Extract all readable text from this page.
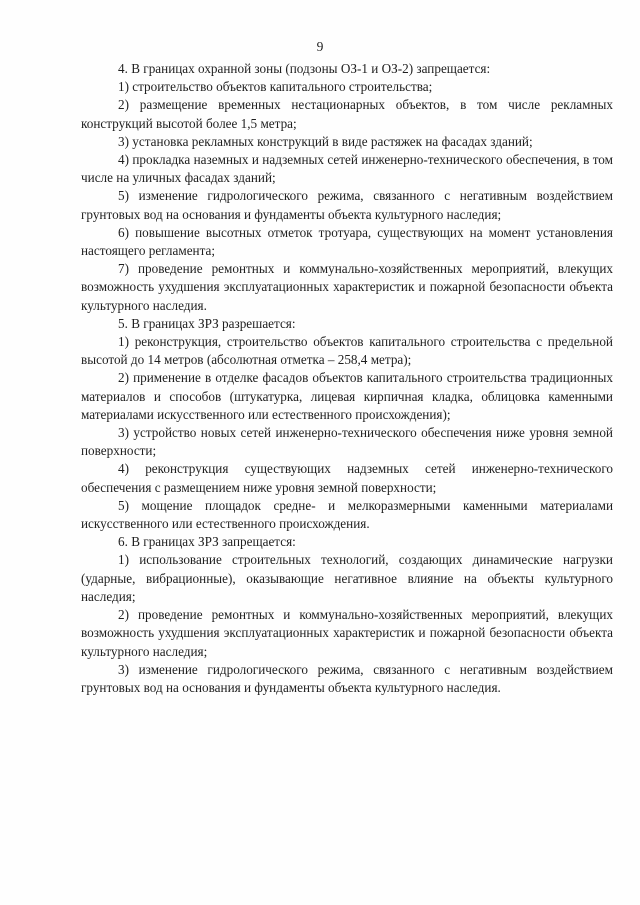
9

4. В границах охранной зоны (подзоны ОЗ-1 и ОЗ-2) запрещается:

1) строительство объектов капитального строительства;

2) размещение временных нестационарных объектов, в том числе рекламных конструкций высотой более 1,5 метра;

3) установка рекламных конструкций в виде растяжек на фасадах зданий;

4) прокладка наземных и надземных сетей инженерно-технического обеспечения, в том числе на уличных фасадах зданий;

5) изменение гидрологического режима, связанного с негативным воздействием грунтовых вод на основания и фундаменты объекта культурного наследия;

6) повышение высотных отметок тротуара, существующих на момент установления настоящего регламента;

7) проведение ремонтных и коммунально-хозяйственных мероприятий, влекущих возможность ухудшения эксплуатационных характеристик и пожарной безопасности объекта культурного наследия.

5. В границах ЗРЗ разрешается:

1) реконструкция, строительство объектов капитального строительства с предельной высотой до 14 метров (абсолютная отметка – 258,4 метра);

2) применение в отделке фасадов объектов капитального строительства традиционных материалов и способов (штукатурка, лицевая кирпичная кладка, облицовка каменными материалами искусственного или естественного происхождения);

3) устройство новых сетей инженерно-технического обеспечения ниже уровня земной поверхности;

4) реконструкция существующих надземных сетей инженерно-технического обеспечения с размещением ниже уровня земной поверхности;

5) мощение площадок средне- и мелкоразмерными каменными материалами искусственного или естественного происхождения.

6. В границах ЗРЗ запрещается:

1) использование строительных технологий, создающих динамические нагрузки (ударные, вибрационные), оказывающие негативное влияние на объекты культурного наследия;

2) проведение ремонтных и коммунально-хозяйственных мероприятий, влекущих возможность ухудшения эксплуатационных характеристик и пожарной безопасности объекта культурного наследия;

3) изменение гидрологического режима, связанного с негативным воздействием грунтовых вод на основания и фундаменты объекта культурного наследия.
